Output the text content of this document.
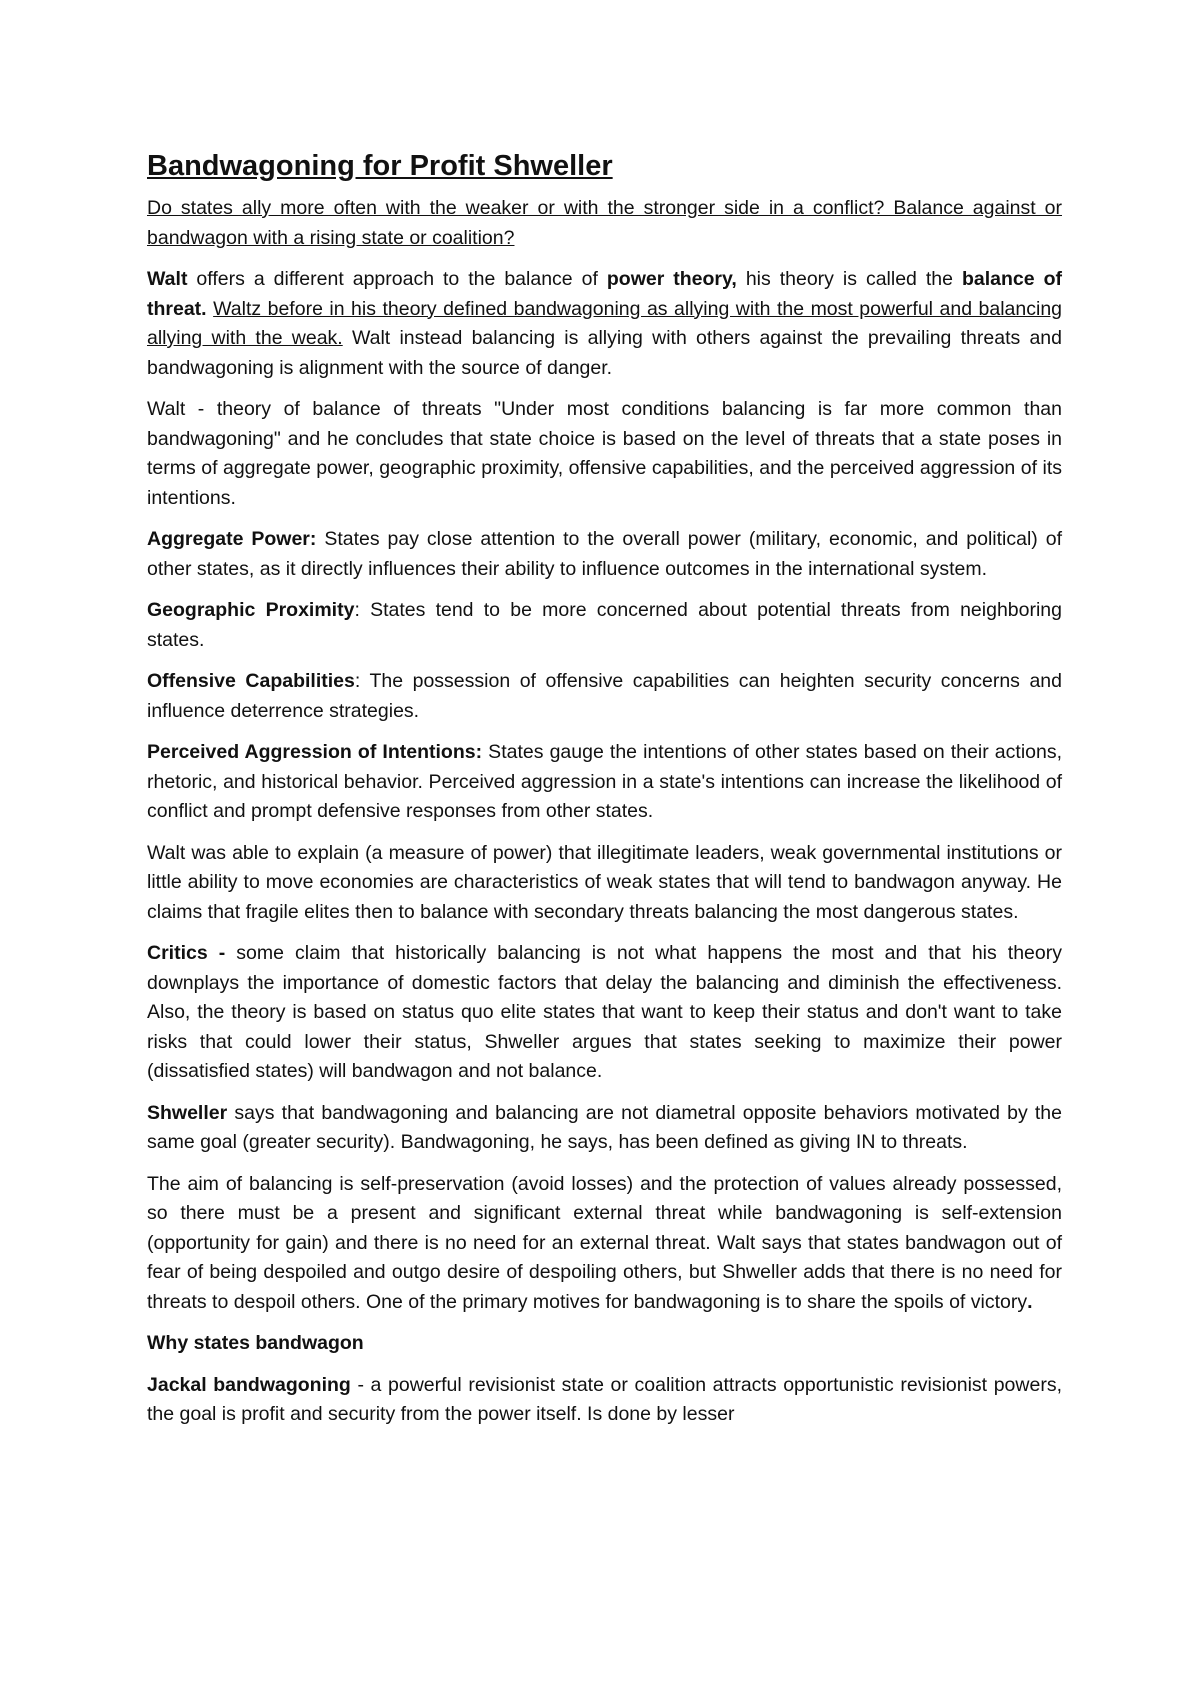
Bandwagoning for Profit Shweller

Do states ally more often with the weaker or with the stronger side in a conflict? Balance against or bandwagon with a rising state or coalition?

Walt offers a different approach to the balance of power theory, his theory is called the balance of threat. Waltz before in his theory defined bandwagoning as allying with the most powerful and balancing allying with the weak. Walt instead balancing is allying with others against the prevailing threats and bandwagoning is alignment with the source of danger.

Walt - theory of balance of threats "Under most conditions balancing is far more common than bandwagoning" and he concludes that state choice is based on the level of threats that a state poses in terms of aggregate power, geographic proximity, offensive capabilities, and the perceived aggression of its intentions.

Aggregate Power: States pay close attention to the overall power (military, economic, and political) of other states, as it directly influences their ability to influence outcomes in the international system.

Geographic Proximity: States tend to be more concerned about potential threats from neighboring states.

Offensive Capabilities: The possession of offensive capabilities can heighten security concerns and influence deterrence strategies.

Perceived Aggression of Intentions: States gauge the intentions of other states based on their actions, rhetoric, and historical behavior. Perceived aggression in a state's intentions can increase the likelihood of conflict and prompt defensive responses from other states.

Walt was able to explain (a measure of power) that illegitimate leaders, weak governmental institutions or little ability to move economies are characteristics of weak states that will tend to bandwagon anyway. He claims that fragile elites then to balance with secondary threats balancing the most dangerous states.

Critics - some claim that historically balancing is not what happens the most and that his theory downplays the importance of domestic factors that delay the balancing and diminish the effectiveness. Also, the theory is based on status quo elite states that want to keep their status and don't want to take risks that could lower their status, Shweller argues that states seeking to maximize their power (dissatisfied states) will bandwagon and not balance.

Shweller says that bandwagoning and balancing are not diametral opposite behaviors motivated by the same goal (greater security). Bandwagoning, he says, has been defined as giving IN to threats.

The aim of balancing is self-preservation (avoid losses) and the protection of values already possessed, so there must be a present and significant external threat while bandwagoning is self-extension (opportunity for gain) and there is no need for an external threat. Walt says that states bandwagon out of fear of being despoiled and outgo desire of despoiling others, but Shweller adds that there is no need for threats to despoil others. One of the primary motives for bandwagoning is to share the spoils of victory.

Why states bandwagon

Jackal bandwagoning - a powerful revisionist state or coalition attracts opportunistic revisionist powers, the goal is profit and security from the power itself. Is done by lesser
